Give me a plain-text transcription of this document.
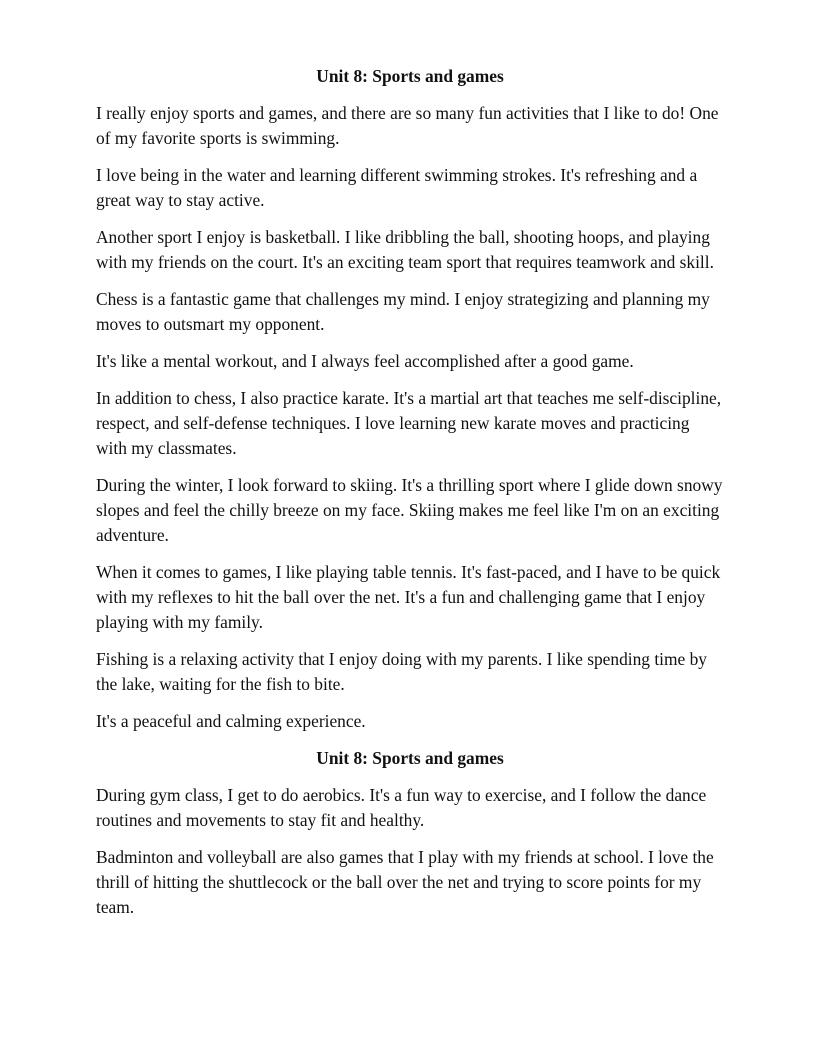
Unit 8: Sports and games

I really enjoy sports and games, and there are so many fun activities that I like to do! One of my favorite sports is swimming.

I love being in the water and learning different swimming strokes. It's refreshing and a great way to stay active.

Another sport I enjoy is basketball. I like dribbling the ball, shooting hoops, and playing with my friends on the court. It's an exciting team sport that requires teamwork and skill.

Chess is a fantastic game that challenges my mind. I enjoy strategizing and planning my moves to outsmart my opponent.

It's like a mental workout, and I always feel accomplished after a good game.

In addition to chess, I also practice karate. It's a martial art that teaches me self-discipline, respect, and self-defense techniques. I love learning new karate moves and practicing with my classmates.

During the winter, I look forward to skiing. It's a thrilling sport where I glide down snowy slopes and feel the chilly breeze on my face. Skiing makes me feel like I'm on an exciting adventure.

When it comes to games, I like playing table tennis. It's fast-paced, and I have to be quick with my reflexes to hit the ball over the net. It's a fun and challenging game that I enjoy playing with my family.

Fishing is a relaxing activity that I enjoy doing with my parents. I like spending time by the lake, waiting for the fish to bite.

It's a peaceful and calming experience.

Unit 8: Sports and games

During gym class, I get to do aerobics. It's a fun way to exercise, and I follow the dance routines and movements to stay fit and healthy.

Badminton and volleyball are also games that I play with my friends at school. I love the thrill of hitting the shuttlecock or the ball over the net and trying to score points for my team.
